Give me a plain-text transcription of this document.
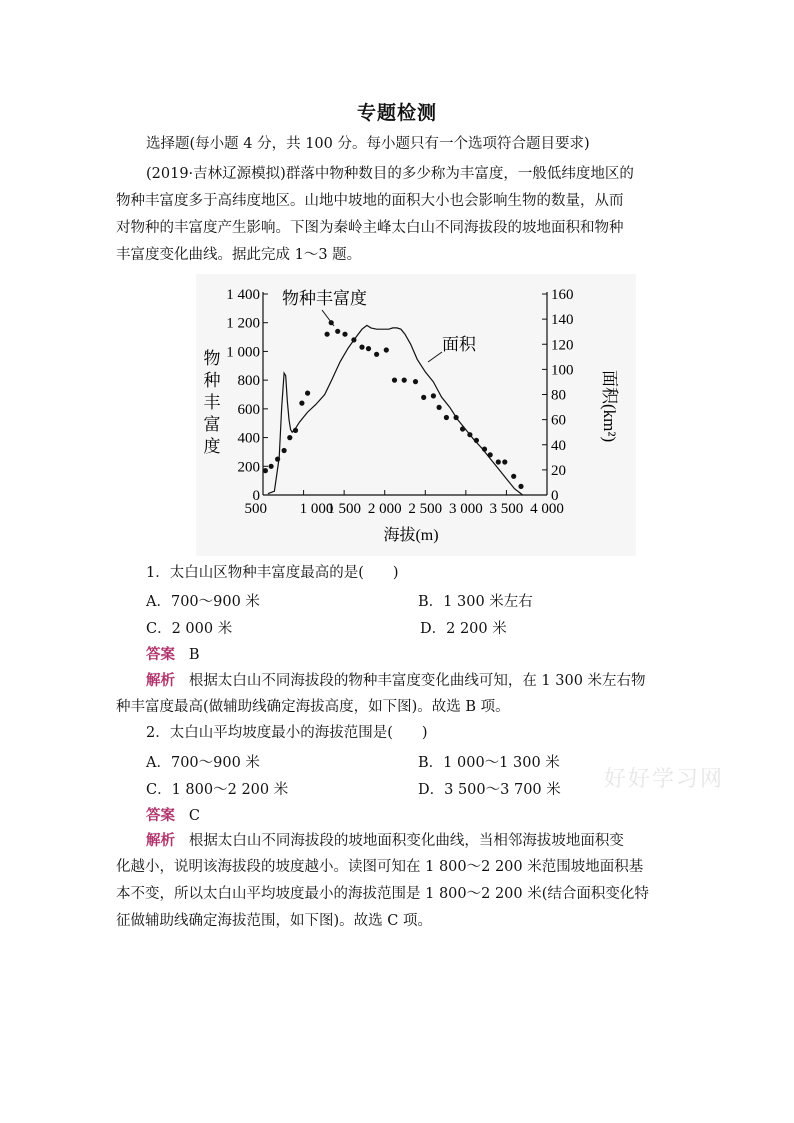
专题检测
选择题(每小题 4 分，共 100 分。每小题只有一个选项符合题目要求)
(2019·吉林辽源模拟)群落中物种数目的多少称为丰富度，一般低纬度地区的
物种丰富度多于高纬度地区。山地中坡地的面积大小也会影响生物的数量，从而
对物种的丰富度产生影响。下图为秦岭主峰太白山不同海拔段的坡地面积和物种
丰富度变化曲线。据此完成 1～3 题。
0
200
400
600
800
1 000
1 200
1 400
0
20
40
60
80
100
120
140
160
500 1 000
1 500 2 000 2 500 3 000 3 500 4 000
物种丰富度
面积
物
种
丰
富
度
面积(km²)
海拔(m)
1．太白山区物种丰富度最高的是(　　)
A．700～900 米	B．1 300 米左右
C．2 000 米	D．2 200 米
答案 B
解析 根据太白山不同海拔段的物种丰富度变化曲线可知，在 1 300 米左右物
种丰富度最高(做辅助线确定海拔高度，如下图)。故选 B 项。
2．太白山平均坡度最小的海拔范围是(　　)
A．700～900 米	B．1 000～1 300 米
C．1 800～2 200 米	D．3 500～3 700 米
答案 C
解析 根据太白山不同海拔段的坡地面积变化曲线，当相邻海拔坡地面积变
化越小，说明该海拔段的坡度越小。读图可知在 1 800～2 200 米范围坡地面积基
本不变，所以太白山平均坡度最小的海拔范围是 1 800～2 200 米(结合面积变化特
征做辅助线确定海拔范围，如下图)。故选 C 项。
好好学习网
